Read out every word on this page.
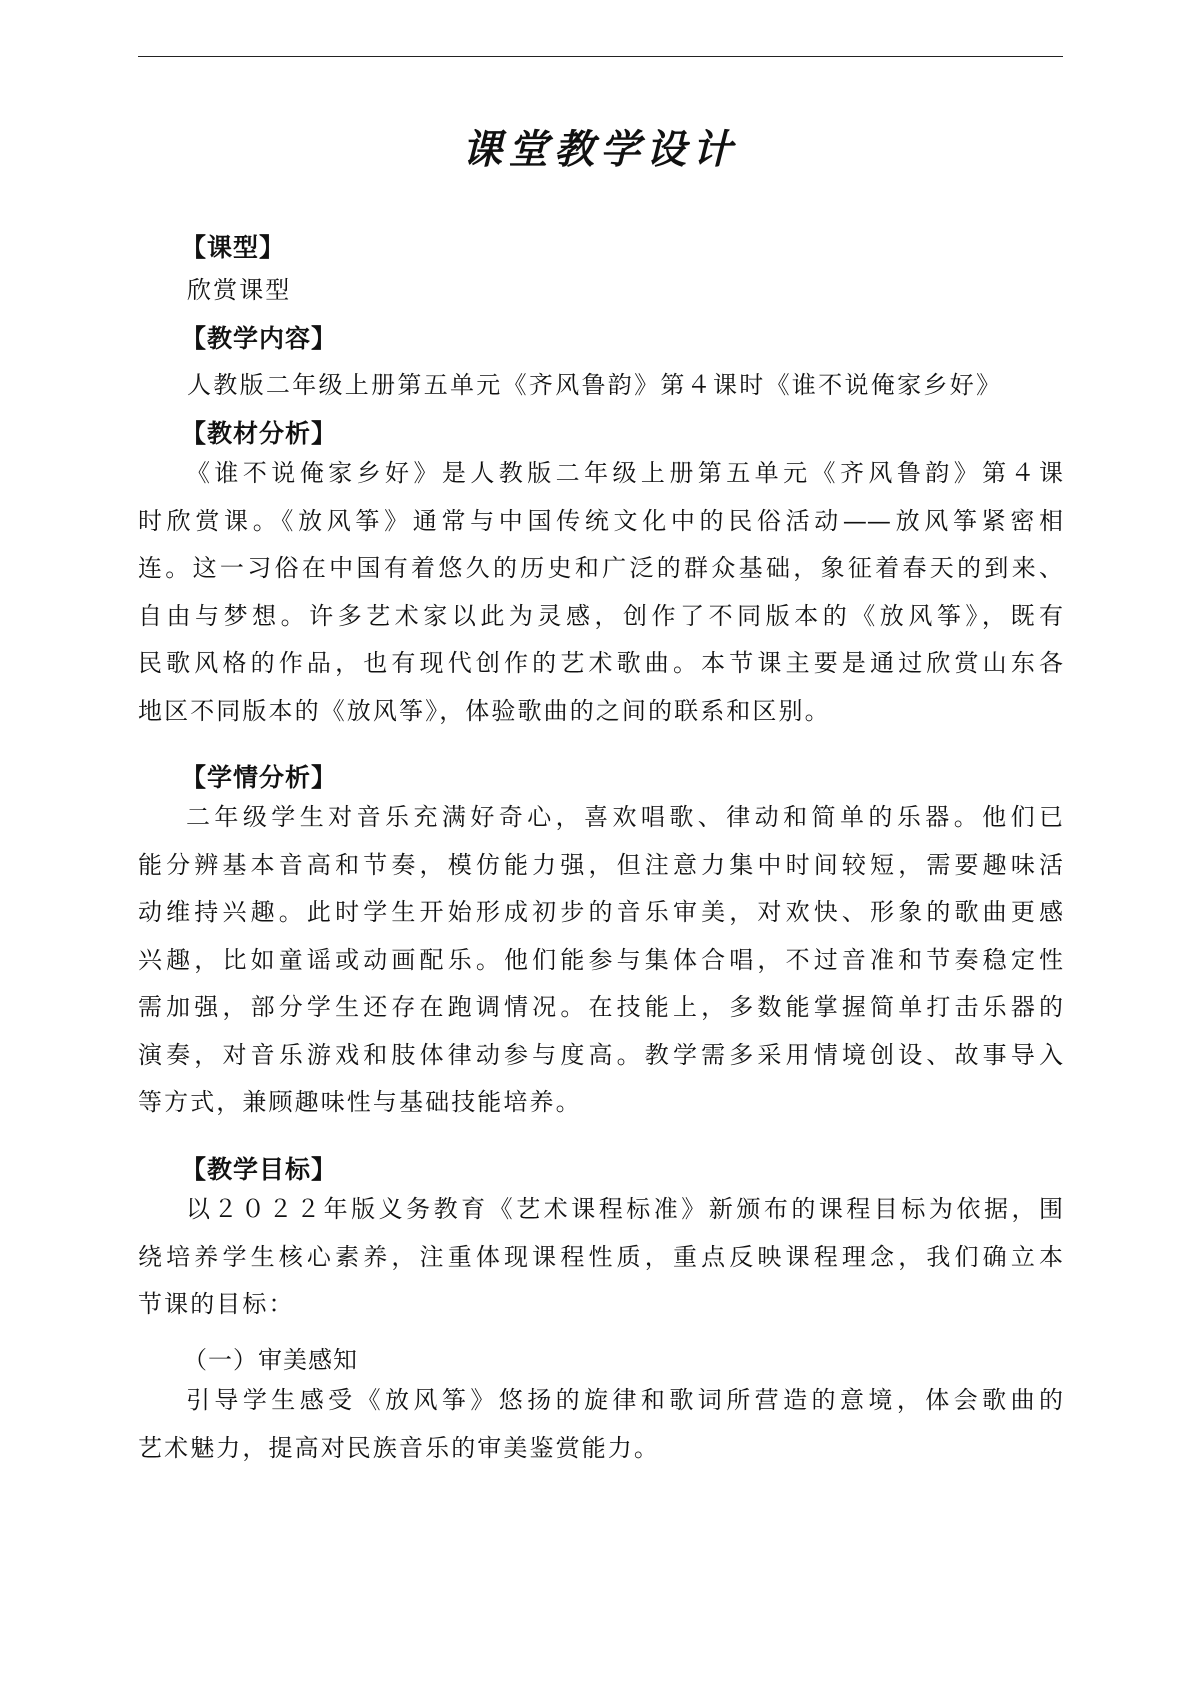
课堂教学设计
【课型】
欣赏课型
【教学内容】
人教版二年级上册第五单元《齐风鲁韵》第４课时《谁不说俺家乡好》
【教材分析】
《谁不说俺家乡好》是人教版二年级上册第五单元《齐风鲁韵》第４课
时欣赏课。《放风筝》通常与中国传统文化中的民俗活动——放风筝紧密相
连。这一习俗在中国有着悠久的历史和广泛的群众基础，象征着春天的到来、
自由与梦想。许多艺术家以此为灵感，创作了不同版本的《放风筝》，既有
民歌风格的作品，也有现代创作的艺术歌曲。本节课主要是通过欣赏山东各
地区不同版本的《放风筝》，体验歌曲的之间的联系和区别。
【学情分析】
二年级学生对音乐充满好奇心，喜欢唱歌、律动和简单的乐器。他们已
能分辨基本音高和节奏，模仿能力强，但注意力集中时间较短，需要趣味活
动维持兴趣。此时学生开始形成初步的音乐审美，对欢快、形象的歌曲更感
兴趣，比如童谣或动画配乐。他们能参与集体合唱，不过音准和节奏稳定性
需加强，部分学生还存在跑调情况。在技能上，多数能掌握简单打击乐器的
演奏，对音乐游戏和肢体律动参与度高。教学需多采用情境创设、故事导入
等方式，兼顾趣味性与基础技能培养。
【教学目标】
以２０２２年版义务教育《艺术课程标准》新颁布的课程目标为依据，围
绕培养学生核心素养，注重体现课程性质，重点反映课程理念，我们确立本
节课的目标：
（一）审美感知
引导学生感受《放风筝》悠扬的旋律和歌词所营造的意境，体会歌曲的
艺术魅力，提高对民族音乐的审美鉴赏能力。
